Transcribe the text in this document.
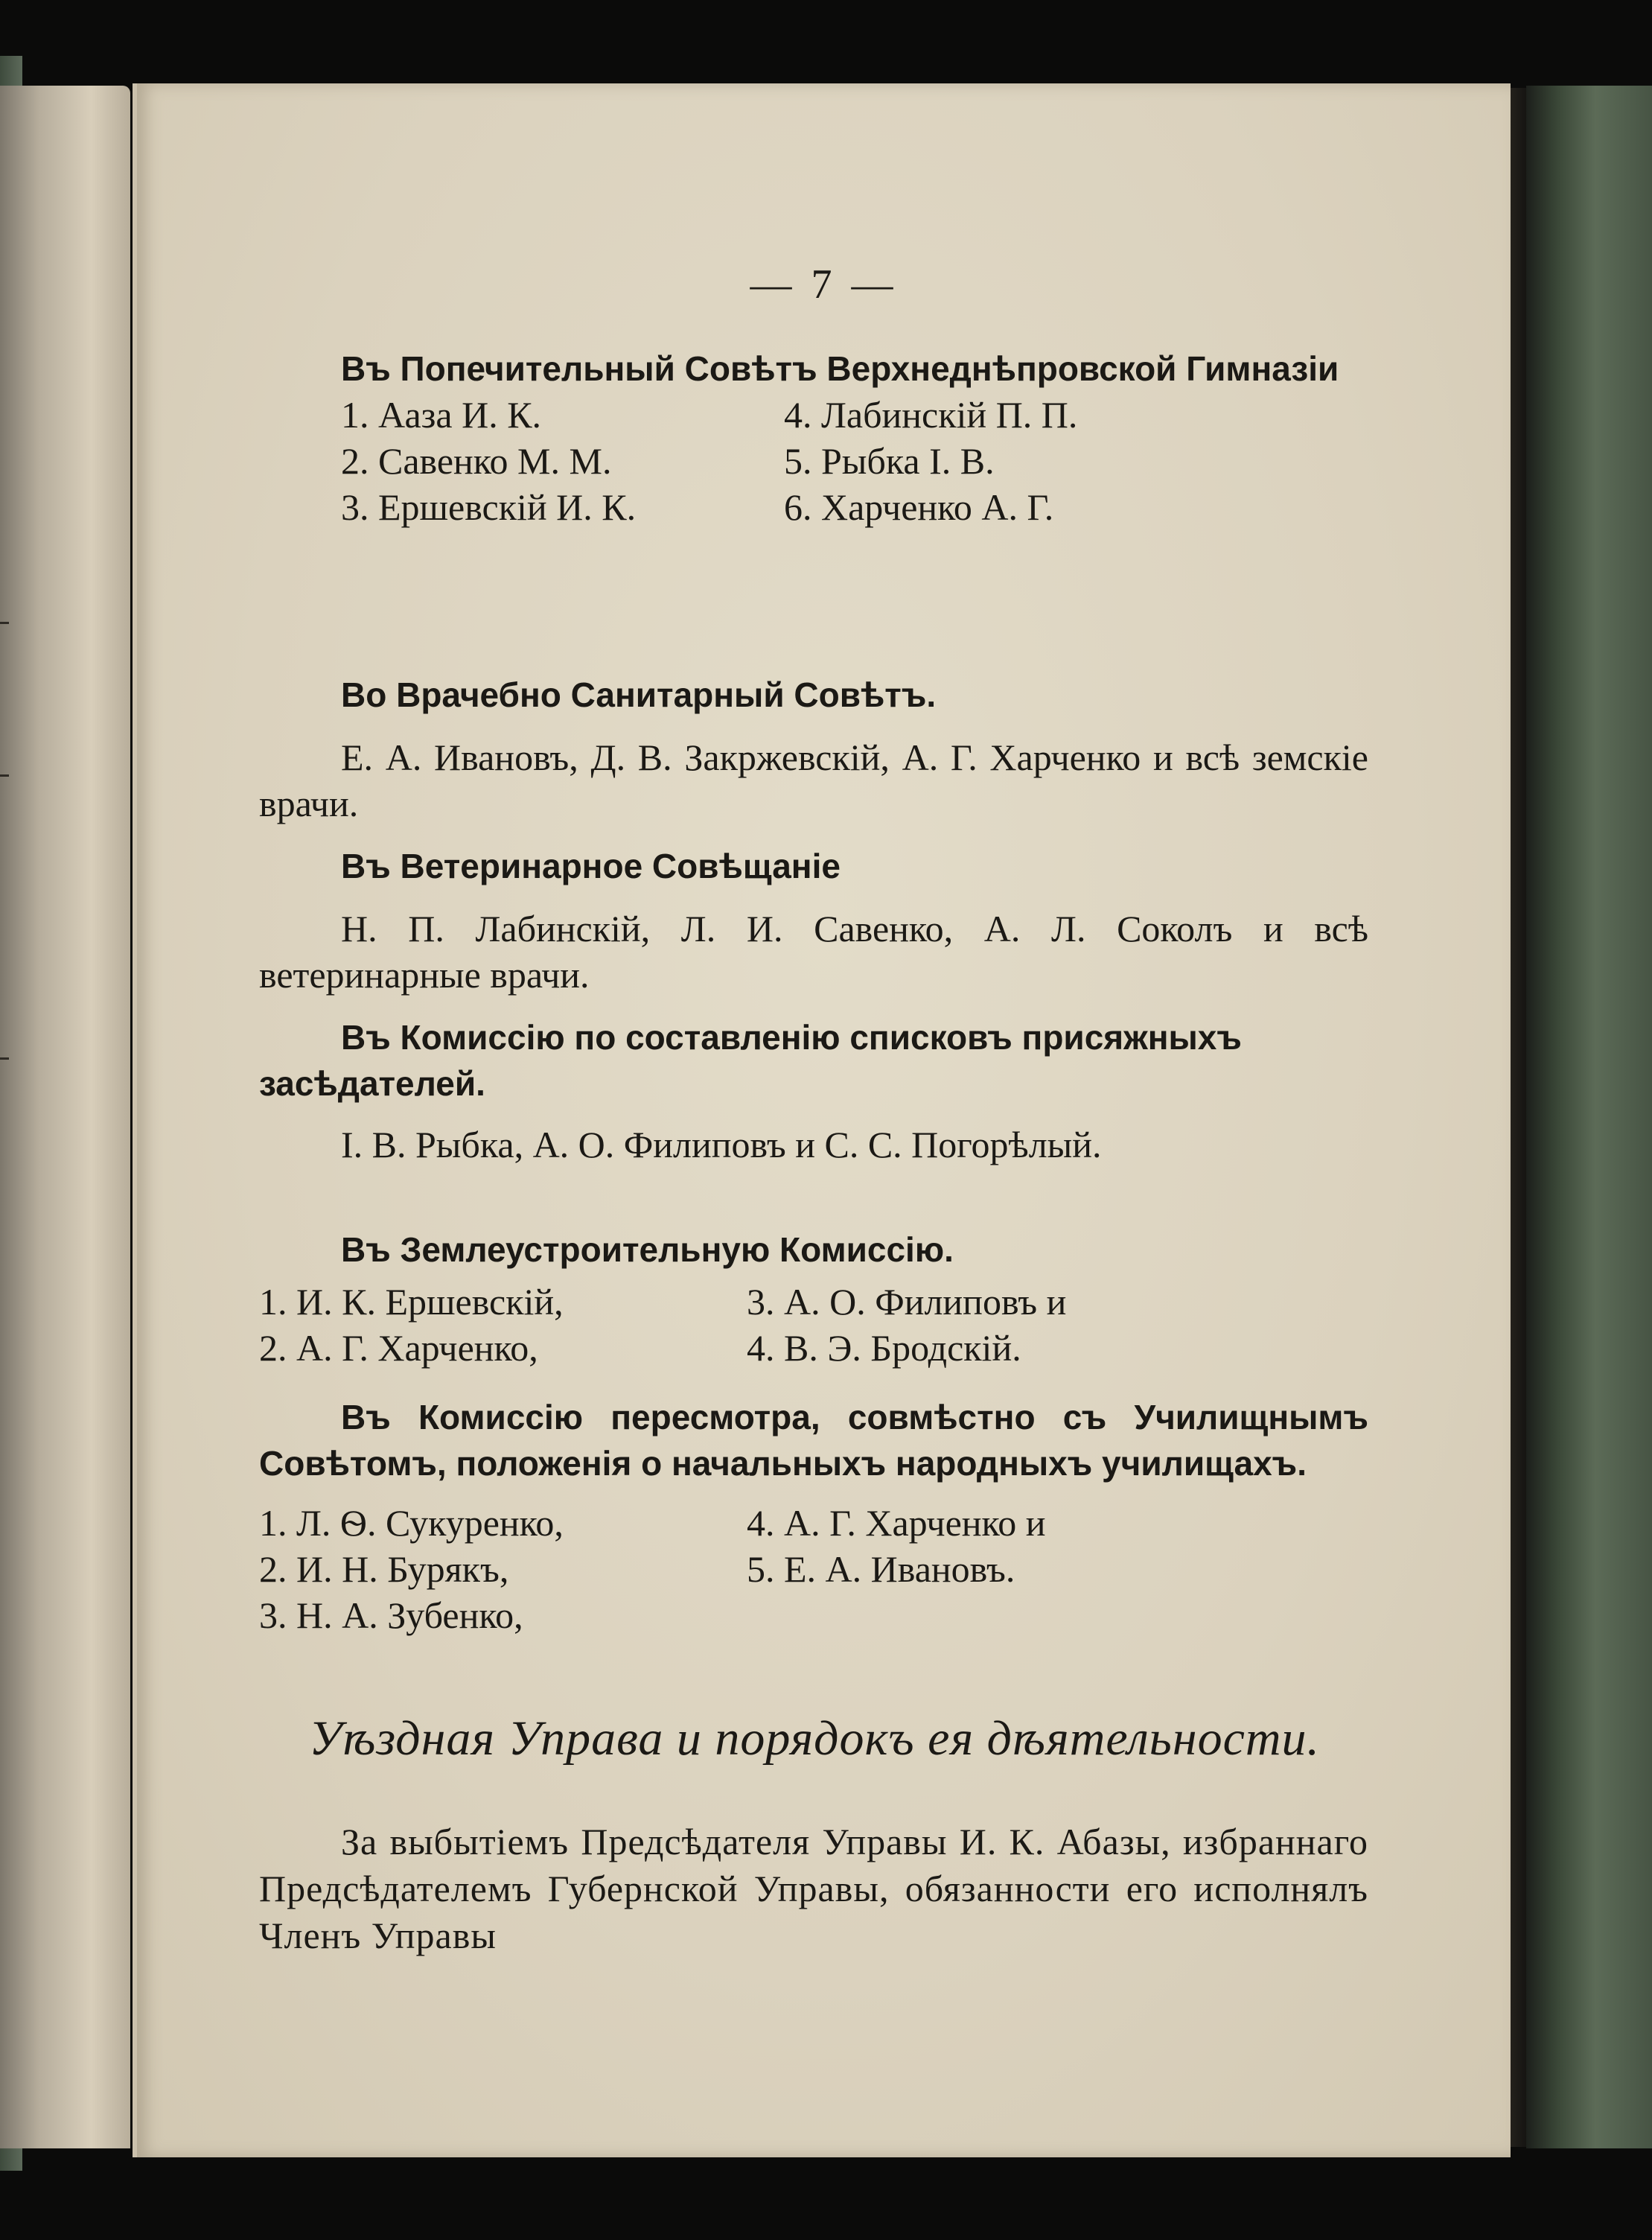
— 7 —

Въ Попечительный Совѣтъ Верхнеднѣпровской Гимназіи

1. Ааза И. К.
2. Савенко М. М.
3. Ершевскій И. К.
4. Лабинскій П. П.
5. Рыбка І. В.
6. Харченко А. Г.

Во Врачебно Санитарный Совѣтъ.

Е. А. Ивановъ, Д. В. Закржевскій, А. Г. Харченко и всѣ земскіе врачи.

Въ Ветеринарное Совѣщаніе

Н. П. Лабинскій, Л. И. Савенко, А. Л. Соколъ и всѣ ветеринарные врачи.

Въ Комиссію по составленію списковъ присяжныхъ засѣдателей.

І. В. Рыбка, А. О. Филиповъ и С. С. Погорѣлый.

Въ Землеустроительную Комиссію.

1. И. К. Ершевскій,
2. А. Г. Харченко,
3. А. О. Филиповъ и
4. В. Э. Бродскій.

Въ Комиссію пересмотра, совмѣстно съ Училищнымъ Совѣтомъ, положенія о начальныхъ народныхъ училищахъ.

1. Л. Ѳ. Сукуренко,
2. И. Н. Бурякъ,
3. Н. А. Зубенко,
4. А. Г. Харченко и
5. Е. А. Ивановъ.
Уѣздная Управа и порядокъ ея дѣятельности.

За выбытіемъ Предсѣдателя Управы И. К. Абазы, избраннаго Предсѣдателемъ Губернской Управы, обязанности его исполнялъ Членъ Управы
